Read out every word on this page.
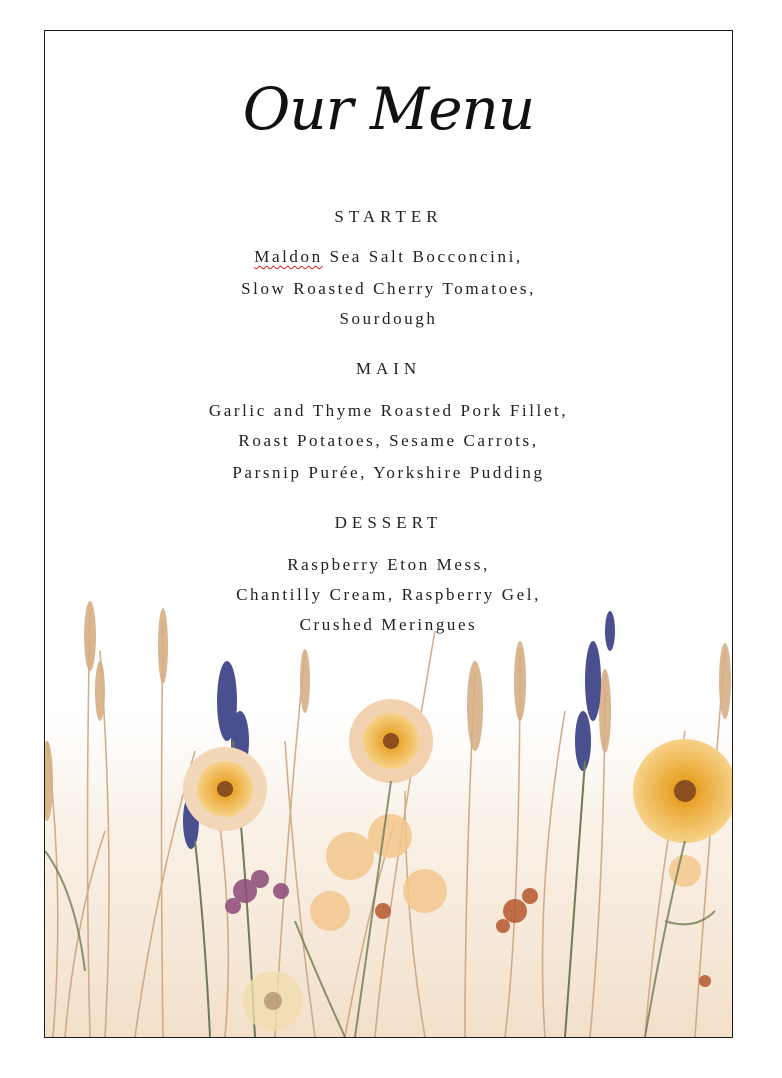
Our Menu
STARTER
Maldon Sea Salt Bocconcini,
Slow Roasted Cherry Tomatoes,
Sourdough
MAIN
Garlic and Thyme Roasted Pork Fillet,
Roast Potatoes, Sesame Carrots,
Parsnip Purée, Yorkshire Pudding
DESSERT
Raspberry Eton Mess,
Chantilly Cream, Raspberry Gel,
Crushed Meringues
